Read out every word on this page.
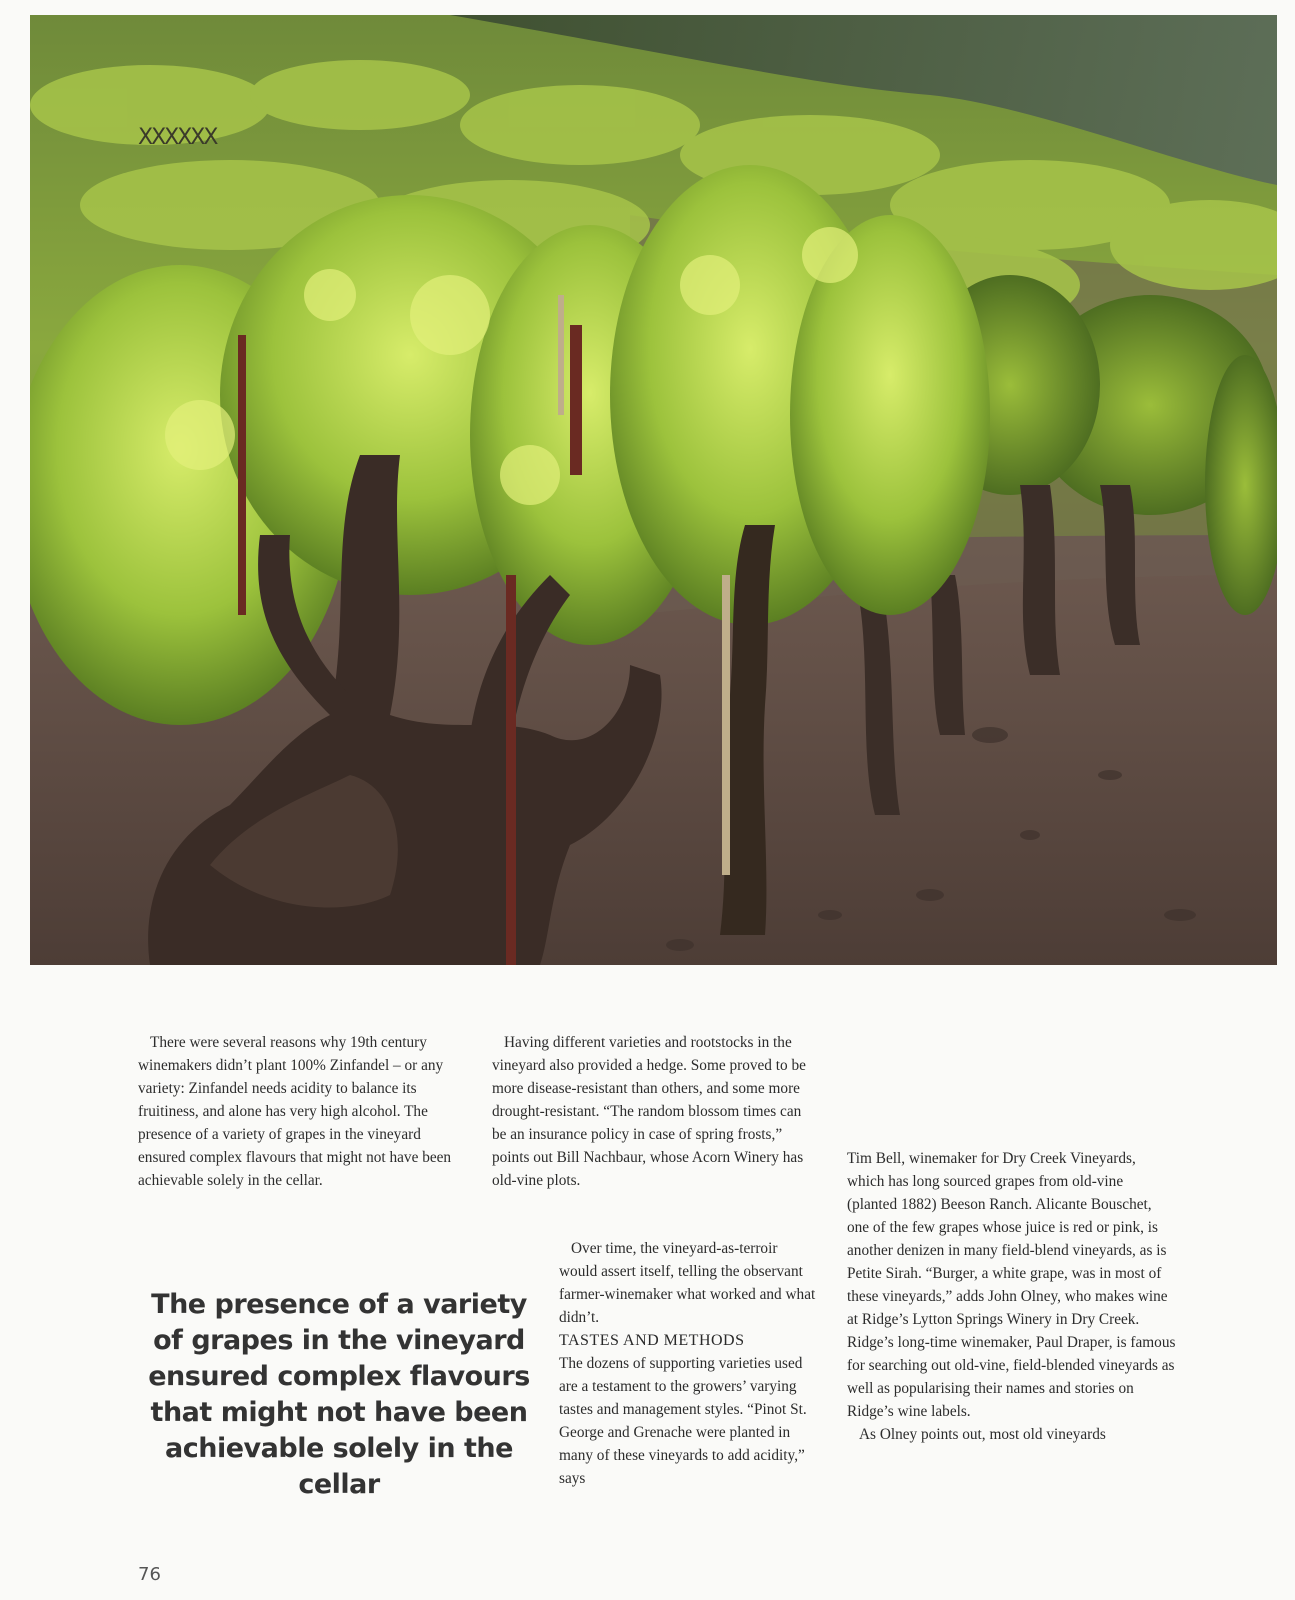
XXXXXX

There were several reasons why 19th century winemakers didn’t plant 100% Zinfandel – or any variety: Zinfandel needs acidity to balance its fruitiness, and alone has very high alcohol. The presence of a variety of grapes in the vineyard ensured complex flavours that might not have been achievable solely in the cellar.

Having different varieties and rootstocks in the vineyard also provided a hedge. Some proved to be more disease-resistant than others, and some more drought-resistant. “The random blossom times can be an insurance policy in case of spring frosts,” points out Bill Nachbaur, whose Acorn Winery has old-vine plots.

Over time, the vineyard-as-terroir would assert itself, telling the observant farmer-winemaker what worked and what didn’t.

TASTES AND METHODS

The dozens of supporting varieties used are a testament to the growers’ varying tastes and management styles. “Pinot St. George and Grenache were planted in many of these vineyards to add acidity,” says

Tim Bell, winemaker for Dry Creek Vineyards, which has long sourced grapes from old-vine (planted 1882) Beeson Ranch. Alicante Bouschet, one of the few grapes whose juice is red or pink, is another denizen in many field-blend vineyards, as is Petite Sirah. “Burger, a white grape, was in most of these vineyards,” adds John Olney, who makes wine at Ridge’s Lytton Springs Winery in Dry Creek. Ridge’s long-time winemaker, Paul Draper, is famous for searching out old-vine, field-blended vineyards as well as popularising their names and stories on Ridge’s wine labels.

As Olney points out, most old vineyards

The presence of a variety of grapes in the vineyard ensured complex flavours that might not have been achievable solely in the cellar
76
